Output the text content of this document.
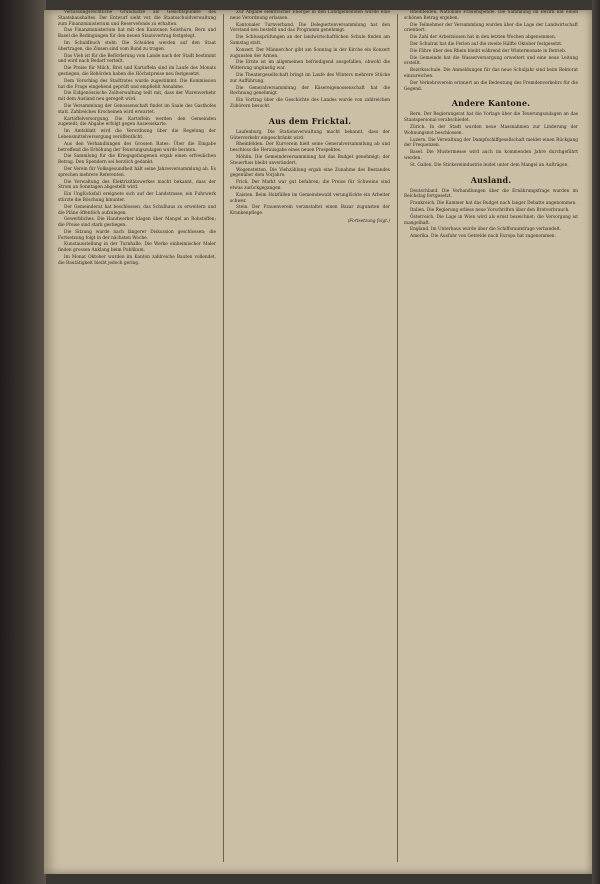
Verfassungsrechtliche Grundsätze als Gesichtspunkte des Staatshaushaltes. Der Entwurf sieht vor, die Staatsschuldverwaltung zum Finanzministerium und Reservefonds zu erhalten.

Das Finanzministerium hat mit den Kantonen Solothurn, Bern und Basel die Bedingungen für den neuen Staatsvertrag festgelegt.

Im Schuldbuch steht: Die Schulden werden auf den Staat übertragen, die Zinsen sind vom Bund zu tragen.

Das Vieh ist für die Beförderung vom Lande nach der Stadt bestimmt und wird nach Bedarf verteilt.

Die Preise für Milch, Brot und Kartoffeln sind im Laufe des Monats gestiegen; die Behörden haben die Höchstpreise neu festgesetzt.

Dem Vorschlag des Stadtrates wurde zugestimmt. Die Kommission hat die Frage eingehend geprüft und empfiehlt Annahme.

Die Eidgenössische Zollverwaltung teilt mit, dass der Warenverkehr mit dem Ausland neu geregelt wird.

Die Versammlung der Genossenschaft findet im Saale des Gasthofes statt. Zahlreiches Erscheinen wird erwartet.

Kartoffelversorgung. Die Kartoffeln werden den Gemeinden zugeteilt; die Abgabe erfolgt gegen Ausweiskarte.

Im Amtsblatt wird die Verordnung über die Regelung der Lebensmittelversorgung veröffentlicht.

Aus den Verhandlungen des Grossen Rates: Über die Eingabe betreffend die Erhöhung der Teuerungszulagen wurde beraten.

Die Sammlung für die Kriegsgefangenen ergab einen erfreulichen Betrag. Den Spendern sei herzlich gedankt.

Der Verein für Volksgesundheit hält seine Jahresversammlung ab. Es sprechen mehrere Referenten.

Die Verwaltung des Elektrizitätswerkes macht bekannt, dass der Strom an Sonntagen abgestellt wird.

Ein Unglücksfall ereignete sich auf der Landstrasse; ein Fuhrwerk stürzte die Böschung hinunter.

Der Gemeinderat hat beschlossen, das Schulhaus zu erweitern und die Pläne öffentlich aufzulegen.

Gewerbliches. Die Handwerker klagen über Mangel an Rohstoffen; die Preise sind stark gestiegen.

Die Sitzung wurde nach längerer Diskussion geschlossen; die Fortsetzung folgt in der nächsten Woche.

Kunstausstellung in der Turnhalle. Die Werke einheimischer Maler finden grossen Anklang beim Publikum.

Im Monat Oktober wurden im Kanton zahlreiche Bauten vollendet, die Bautätigkeit bleibt jedoch gering.

Zur Abgabe elektrischer Energie in den Landgemeinden wurde eine neue Verordnung erlassen.

Kantonaler Turnverband. Die Delegiertenversammlung hat den Vorstand neu bestellt und das Programm genehmigt.

Die Schlussprüfungen an der landwirtschaftlichen Schule finden am Samstag statt.

Konzert. Der Männerchor gibt am Sonntag in der Kirche ein Konzert zugunsten der Armen.

Die Ernte ist im allgemeinen befriedigend ausgefallen, obwohl die Witterung ungünstig war.

Die Theatergesellschaft bringt im Laufe des Winters mehrere Stücke zur Aufführung.

Die Generalversammlung der Käsereigenossenschaft hat die Rechnung genehmigt.

Ein Vortrag über die Geschichte des Landes wurde von zahlreichen Zuhörern besucht.

Aus dem Fricktal.

Laufenburg. Die Stationsverwaltung macht bekannt, dass der Güterverkehr eingeschränkt wird.

Rheinfelden. Der Kurverein hielt seine Generalversammlung ab und beschloss die Herausgabe eines neuen Prospektes.

Möhlin. Die Gemeindeversammlung hat das Budget genehmigt; der Steuerfuss bleibt unverändert.

Wegenstetten. Die Viehzählung ergab eine Zunahme des Bestandes gegenüber dem Vorjahre.

Frick. Der Markt war gut befahren; die Preise für Schweine sind etwas zurückgegangen.

Kaisten. Beim Holzfällen im Gemeindewald verunglückte ein Arbeiter schwer.

Stein. Der Frauenverein veranstaltet einen Bazar zugunsten der Krankenpflege.

(Fortsetzung folgt.)

Rheinfelden. Nationale Frauenspende. Die Sammlung im Bezirk hat einen schönen Betrag ergeben.

Die Teilnehmer der Versammlung wurden über die Lage der Landwirtschaft orientiert.

Die Zahl der Arbeitslosen hat in den letzten Wochen abgenommen.

Der Schulrat hat die Ferien auf die zweite Hälfte Oktober festgesetzt.

Die Fähre über den Rhein bleibt während der Wintermonate in Betrieb.

Die Gemeinde hat die Wasserversorgung erweitert und eine neue Leitung erstellt.

Bezirksschule. Die Anmeldungen für das neue Schuljahr sind beim Rektorat einzureichen.

Der Verkehrsverein erinnert an die Bedeutung des Fremdenverkehrs für die Gegend.

Andere Kantone.

Bern. Der Regierungsrat hat die Vorlage über die Teuerungszulagen an das Staatspersonal verabschiedet.

Zürich. In der Stadt wurden neue Massnahmen zur Linderung der Wohnungsnot beschlossen.

Luzern. Die Verwaltung der Dampfschiffgesellschaft meldet einen Rückgang der Frequenzen.

Basel. Die Mustermesse wird auch im kommenden Jahre durchgeführt werden.

St. Gallen. Die Stickereiindustrie leidet unter dem Mangel an Aufträgen.

Ausland.

Deutschland. Die Verhandlungen über die Ernährungsfrage wurden im Reichstag fortgesetzt.

Frankreich. Die Kammer hat das Budget nach langer Debatte angenommen.

Italien. Die Regierung erliess neue Vorschriften über den Brotverbrauch.

Österreich. Die Lage in Wien wird als ernst bezeichnet; die Versorgung ist mangelhaft.

England. Im Unterhaus wurde über die Schiffsraumfrage verhandelt.

Amerika. Die Ausfuhr von Getreide nach Europa hat zugenommen.
